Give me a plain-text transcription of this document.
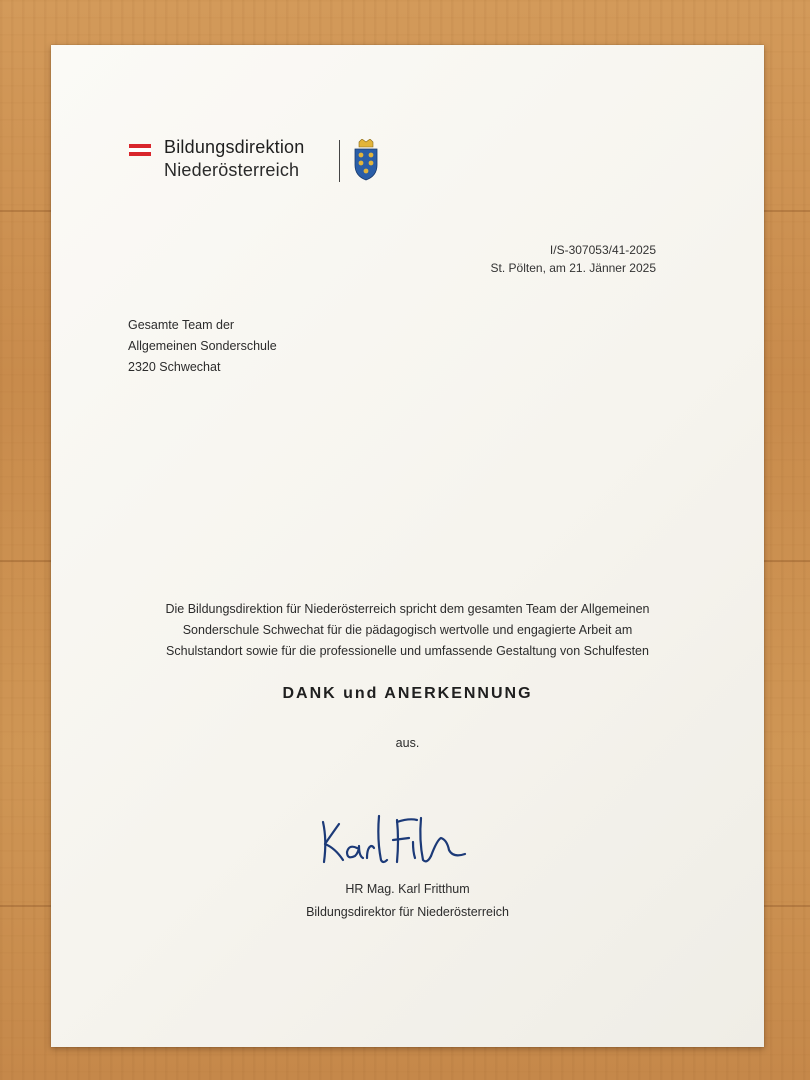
Bildungsdirektion
Niederösterreich
I/S-307053/41-2025
St. Pölten, am 21. Jänner 2025
Gesamte Team der
Allgemeinen Sonderschule
2320 Schwechat
Die Bildungsdirektion für Niederösterreich spricht dem gesamten Team der Allgemeinen
Sonderschule Schwechat für die pädagogisch wertvolle und engagierte Arbeit am
Schulstandort sowie für die professionelle und umfassende Gestaltung von Schulfesten
DANK und ANERKENNUNG
aus.
HR Mag. Karl Fritthum
Bildungsdirektor für Niederösterreich
